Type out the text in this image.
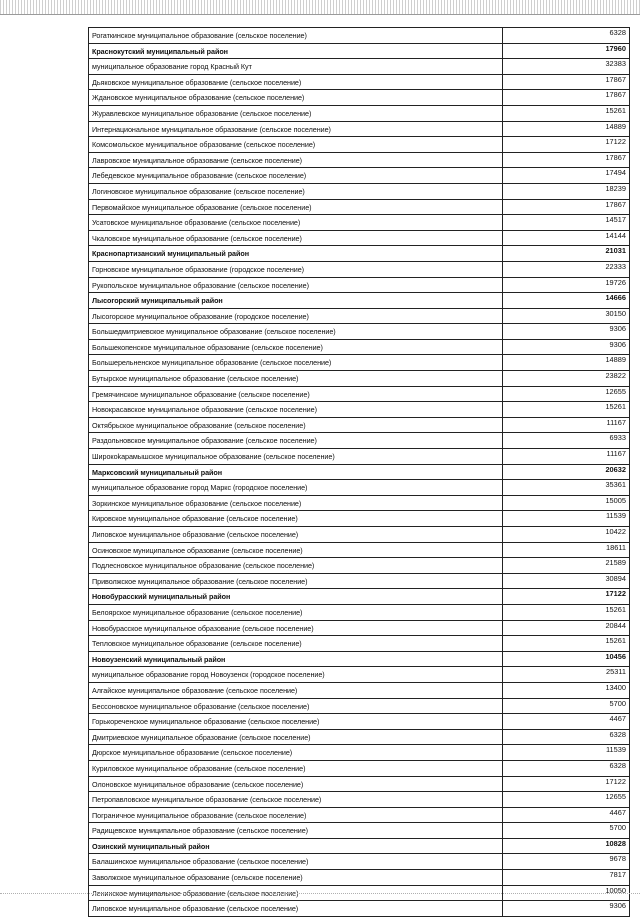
Рогаткинское муниципальное образование (сельское поселение)	6328
Краснокутский муниципальный район	17960
муниципальное образование город Красный Кут	32383
Дьяковское муниципальное образование (сельское поселение)	17867
Ждановское муниципальное образование (сельское поселение)	17867
Журавлевское муниципальное образование (сельское поселение)	15261
Интернациональное муниципальное образование (сельское поселение)	14889
Комсомольское муниципальное образование (сельское поселение)	17122
Лавровское муниципальное образование (сельское поселение)	17867
Лебедевское муниципальное образование (сельское поселение)	17494
Логиновское муниципальное образование (сельское поселение)	18239
Первомайское муниципальное образование (сельское поселение)	17867
Усатовское муниципальное образование (сельское поселение)	14517
Чкаловское муниципальное образование (сельское поселение)	14144
Краснопартизанский муниципальный район	21031
Горновское муниципальное образование (городское поселение)	22333
Рукопольское муниципальное образование (сельское поселение)	19726
Лысогорский муниципальный район	14666
Лысогорское муниципальное образование (городское поселение)	30150
Большедмитриевское муниципальное образование (сельское поселение)	9306
Большекопенское муниципальное образование (сельское поселение)	9306
Большерельненское муниципальное образование (сельское поселение)	14889
Бутырское муниципальное образование (сельское поселение)	23822
Гремячинское муниципальное образование (сельское поселение)	12655
Новокрасавское муниципальное образование (сельское поселение)	15261
Октябрьское муниципальное образование (сельское поселение)	11167
Раздольновское муниципальное образование (сельское поселение)	6933
Широкоkарамышское муниципальное образование (сельское поселение)	11167
Марксовский муниципальный район	20632
муниципальное образование город Маркс (городское поселение)	35361
Зоркинское муниципальное образование (сельское поселение)	15005
Кировское муниципальное образование (сельское поселение)	11539
Липовское муниципальное образование (сельское поселение)	10422
Осиновское муниципальное образование (сельское поселение)	18611
Подлесновское муниципальное образование (сельское поселение)	21589
Приволжское муниципальное образование (сельское поселение)	30894
Новобурасский муниципальный район	17122
Белоярское муниципальное образование (сельское поселение)	15261
Новобурасское муниципальное образование (сельское поселение)	20844
Тепловское муниципальное образование (сельское поселение)	15261
Новоузенский муниципальный район	10456
муниципальное образование город Новоузенск (городское поселение)	25311
Алгайское муниципальное образование (сельское поселение)	13400
Бессоновское муниципальное образование (сельское поселение)	5700
Горькореченское муниципальное образование (сельское поселение)	4467
Дмитриевское муниципальное образование (сельское поселение)	6328
Дюрское муниципальное образование (сельское поселение)	11539
Куриловское муниципальное образование (сельское поселение)	6328
Олоновское муниципальное образование (сельское поселение)	17122
Петропавловское муниципальное образование (сельское поселение)	12655
Пограничное муниципальное образование (сельское поселение)	4467
Радищевское муниципальное образование (сельское поселение)	5700
Озинский муниципальный район	10828
Балашинское муниципальное образование (сельское поселение)	9678
Заволжское муниципальное образование (сельское поселение)	7817
Ленинское муниципальное образование (сельское поселение)	10050
Липовское муниципальное образование (сельское поселение)	9306
